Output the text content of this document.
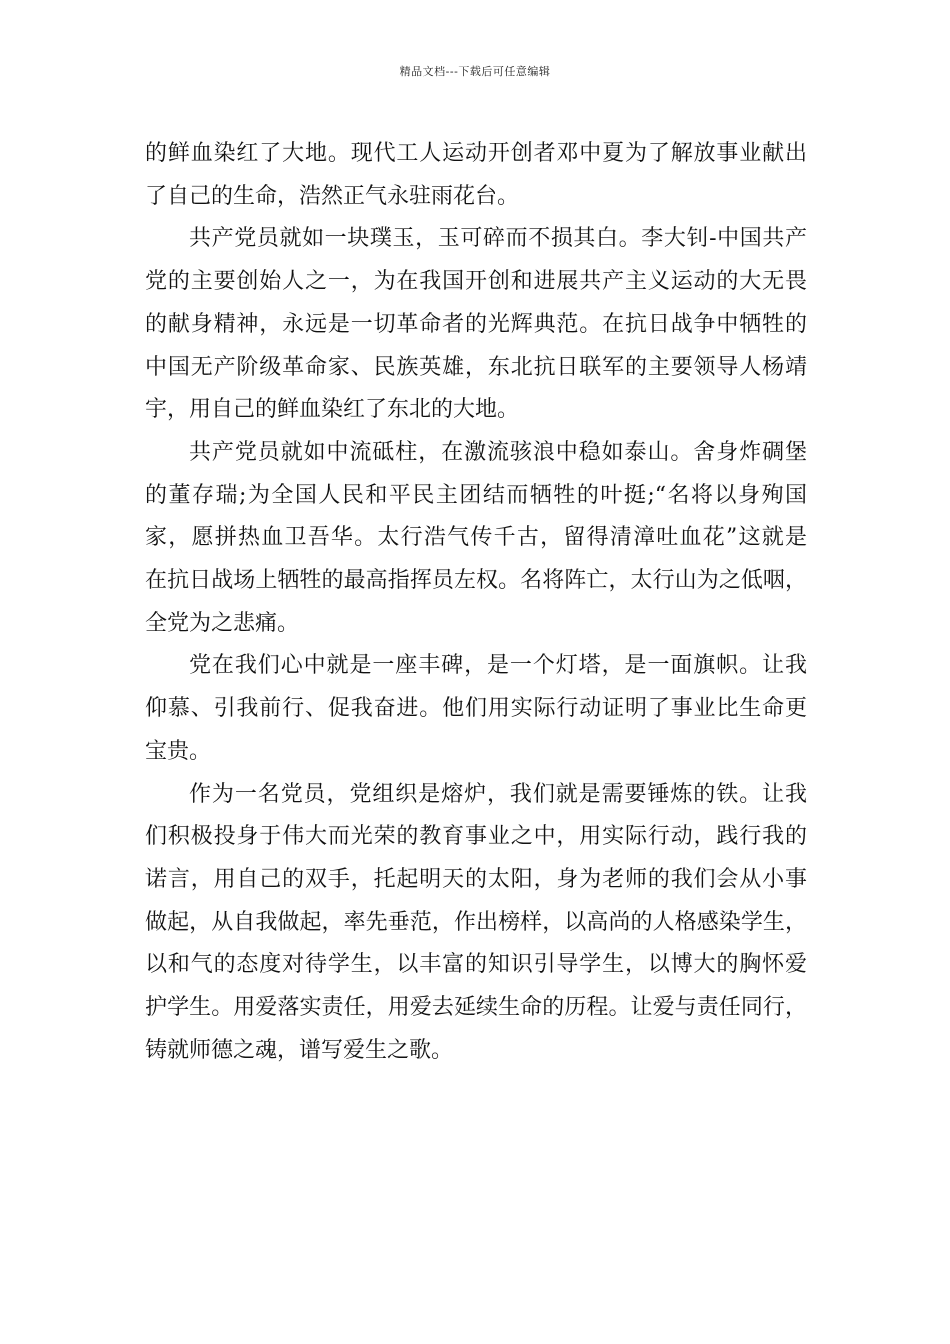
精品文档---下载后可任意编辑

的鲜血染红了大地。现代工人运动开创者邓中夏为了解放事业献出
了自己的生命，浩然正气永驻雨花台。

共产党员就如一块璞玉，玉可碎而不损其白。李大钊-中国共产
党的主要创始人之一，为在我国开创和进展共产主义运动的大无畏
的献身精神，永远是一切革命者的光辉典范。在抗日战争中牺牲的
中国无产阶级革命家、民族英雄，东北抗日联军的主要领导人杨靖
宇，用自己的鲜血染红了东北的大地。

共产党员就如中流砥柱，在激流骇浪中稳如泰山。舍身炸碉堡
的董存瑞;为全国人民和平民主团结而牺牲的叶挺;“名将以身殉国
家，愿拼热血卫吾华。太行浩气传千古，留得清漳吐血花”这就是
在抗日战场上牺牲的最高指挥员左权。名将阵亡，太行山为之低咽，
全党为之悲痛。

党在我们心中就是一座丰碑，是一个灯塔，是一面旗帜。让我
仰慕、引我前行、促我奋进。他们用实际行动证明了事业比生命更
宝贵。

作为一名党员，党组织是熔炉，我们就是需要锤炼的铁。让我
们积极投身于伟大而光荣的教育事业之中，用实际行动，践行我的
诺言，用自己的双手，托起明天的太阳，身为老师的我们会从小事
做起，从自我做起，率先垂范，作出榜样，以高尚的人格感染学生，
以和气的态度对待学生，以丰富的知识引导学生，以博大的胸怀爱
护学生。用爱落实责任，用爱去延续生命的历程。让爱与责任同行，
铸就师德之魂，谱写爱生之歌。
